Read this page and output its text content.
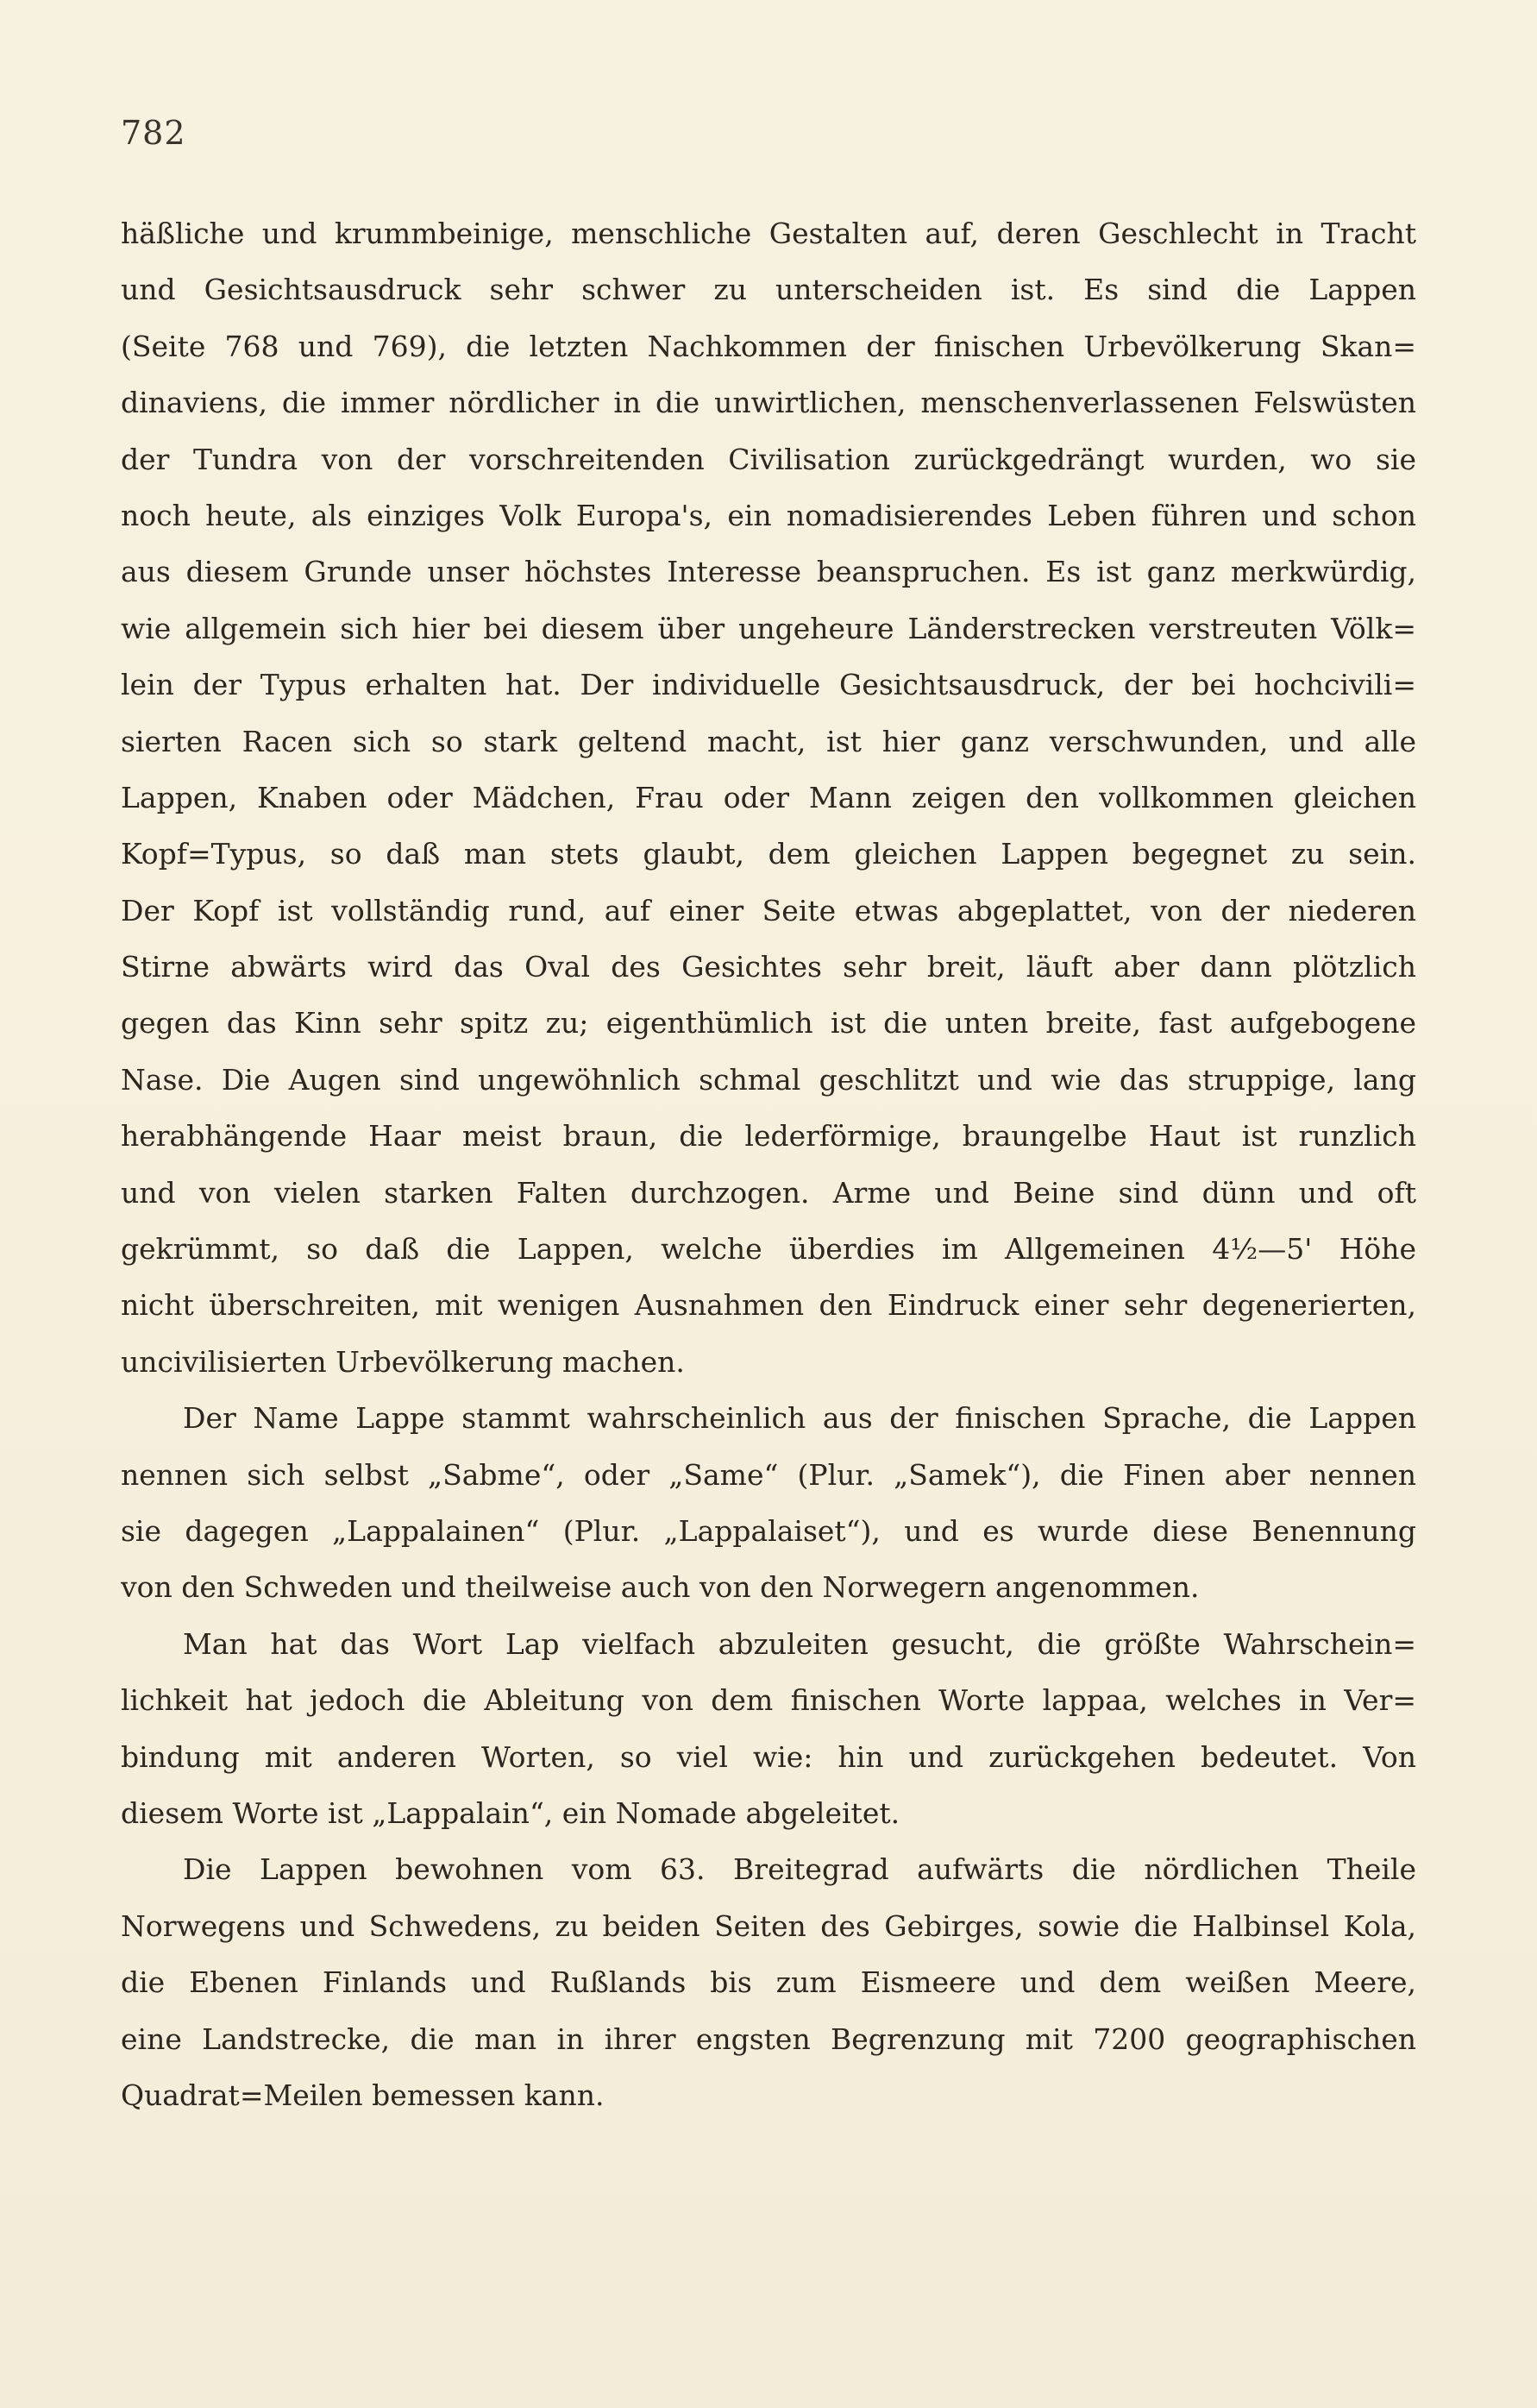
782
häßliche und krummbeinige, menschliche Gestalten auf, deren Geschlecht in Tracht
und Gesichtsausdruck sehr schwer zu unterscheiden ist. Es sind die Lappen
(Seite 768 und 769), die letzten Nachkommen der finischen Urbevölkerung Skan=
dinaviens, die immer nördlicher in die unwirtlichen, menschenverlassenen Felswüsten
der Tundra von der vorschreitenden Civilisation zurückgedrängt wurden, wo sie
noch heute, als einziges Volk Europa's, ein nomadisierendes Leben führen und schon
aus diesem Grunde unser höchstes Interesse beanspruchen. Es ist ganz merkwürdig,
wie allgemein sich hier bei diesem über ungeheure Länderstrecken verstreuten Völk=
lein der Typus erhalten hat. Der individuelle Gesichtsausdruck, der bei hochcivili=
sierten Racen sich so stark geltend macht, ist hier ganz verschwunden, und alle
Lappen, Knaben oder Mädchen, Frau oder Mann zeigen den vollkommen gleichen
Kopf=Typus, so daß man stets glaubt, dem gleichen Lappen begegnet zu sein.
Der Kopf ist vollständig rund, auf einer Seite etwas abgeplattet, von der niederen
Stirne abwärts wird das Oval des Gesichtes sehr breit, läuft aber dann plötzlich
gegen das Kinn sehr spitz zu; eigenthümlich ist die unten breite, fast aufgebogene
Nase. Die Augen sind ungewöhnlich schmal geschlitzt und wie das struppige, lang
herabhängende Haar meist braun, die lederförmige, braungelbe Haut ist runzlich
und von vielen starken Falten durchzogen. Arme und Beine sind dünn und oft
gekrümmt, so daß die Lappen, welche überdies im Allgemeinen 4½—5' Höhe
nicht überschreiten, mit wenigen Ausnahmen den Eindruck einer sehr degenerierten,
uncivilisierten Urbevölkerung machen.
Der Name Lappe stammt wahrscheinlich aus der finischen Sprache, die Lappen
nennen sich selbst „Sabme“, oder „Same“ (Plur. „Samek“), die Finen aber nennen
sie dagegen „Lappalainen“ (Plur. „Lappalaiset“), und es wurde diese Benennung
von den Schweden und theilweise auch von den Norwegern angenommen.
Man hat das Wort Lap vielfach abzuleiten gesucht, die größte Wahrschein=
lichkeit hat jedoch die Ableitung von dem finischen Worte lappaa, welches in Ver=
bindung mit anderen Worten, so viel wie: hin und zurückgehen bedeutet. Von
diesem Worte ist „Lappalain“, ein Nomade abgeleitet.
Die Lappen bewohnen vom 63. Breitegrad aufwärts die nördlichen Theile
Norwegens und Schwedens, zu beiden Seiten des Gebirges, sowie die Halbinsel Kola,
die Ebenen Finlands und Rußlands bis zum Eismeere und dem weißen Meere,
eine Landstrecke, die man in ihrer engsten Begrenzung mit 7200 geographischen
Quadrat=Meilen bemessen kann.
